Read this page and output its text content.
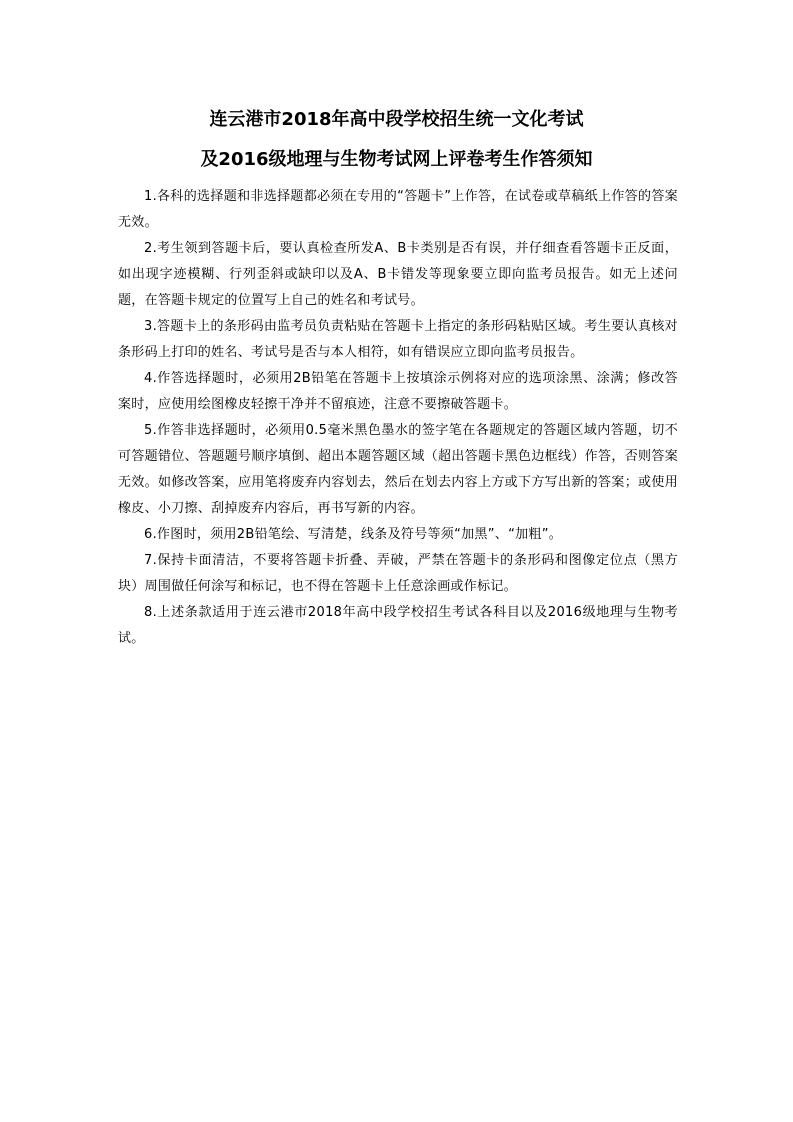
连云港市2018年高中段学校招生统一文化考试
及2016级地理与生物考试网上评卷考生作答须知

1.各科的选择题和非选择题都必须在专用的“答题卡”上作答，在试卷或草稿纸上作答的答案无效。

2.考生领到答题卡后，要认真检查所发A、B卡类别是否有误，并仔细查看答题卡正反面，如出现字迹模糊、行列歪斜或缺印以及A、B卡错发等现象要立即向监考员报告。如无上述问题，在答题卡规定的位置写上自己的姓名和考试号。

3.答题卡上的条形码由监考员负责粘贴在答题卡上指定的条形码粘贴区域。考生要认真核对条形码上打印的姓名、考试号是否与本人相符，如有错误应立即向监考员报告。

4.作答选择题时，必须用2B铅笔在答题卡上按填涂示例将对应的选项涂黑、涂满；修改答案时，应使用绘图橡皮轻擦干净并不留痕迹，注意不要擦破答题卡。

5.作答非选择题时，必须用0.5毫米黑色墨水的签字笔在各题规定的答题区域内答题，切不可答题错位、答题题号顺序填倒、超出本题答题区域（超出答题卡黑色边框线）作答，否则答案无效。如修改答案，应用笔将废弃内容划去，然后在划去内容上方或下方写出新的答案；或使用橡皮、小刀擦、刮掉废弃内容后，再书写新的内容。

6.作图时，须用2B铅笔绘、写清楚，线条及符号等须“加黑”、“加粗”。

7.保持卡面清洁，不要将答题卡折叠、弄破，严禁在答题卡的条形码和图像定位点（黑方块）周围做任何涂写和标记，也不得在答题卡上任意涂画或作标记。

8.上述条款适用于连云港市2018年高中段学校招生考试各科目以及2016级地理与生物考试。
